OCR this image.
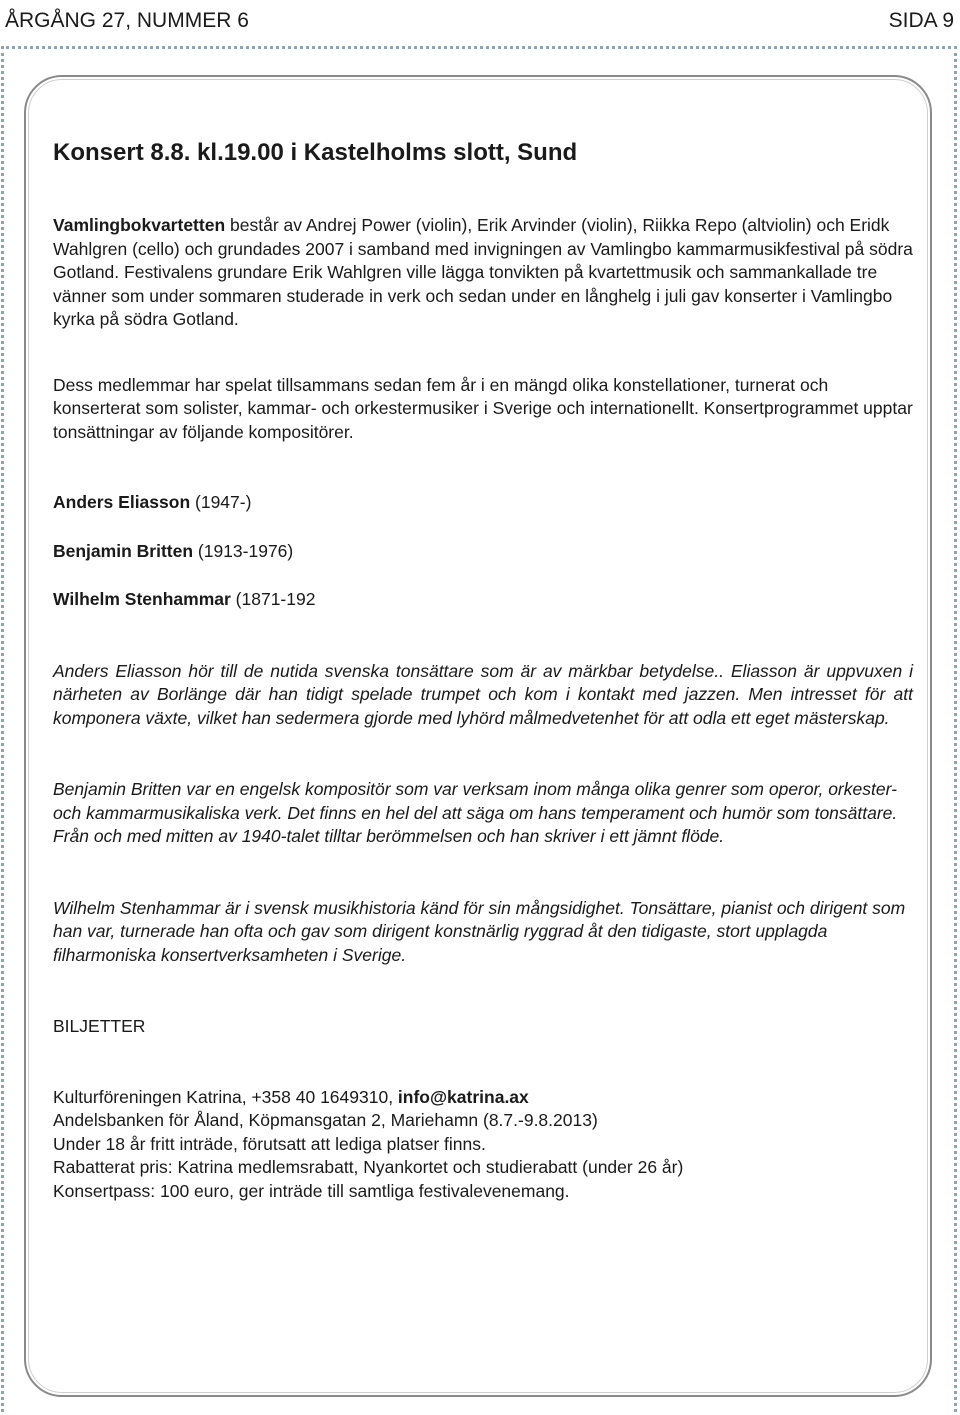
ÅRGÅNG 27, NUMMER 6	SIDA 9
Konsert 8.8. kl.19.00 i Kastelholms slott, Sund

Vamlingbokvartetten består av Andrej Power (violin), Erik Arvinder (violin), Riikka Repo (altviolin) och Eridk Wahlgren (cello) och grundades 2007 i samband med invigningen av Vamlingbo kammarmusikfestival på södra Gotland. Festivalens grundare Erik Wahlgren ville lägga tonvikten på kvartettmusik och sammankallade tre vänner som under sommaren studerade in verk och sedan under en långhelg i juli gav konserter i Vamlingbo kyrka på södra Gotland.

Dess medlemmar har spelat tillsammans sedan fem år i en mängd olika konstellationer, turnerat och konserterat som solister, kammar- och orkestermusiker i Sverige och internationellt. Konsertprogrammet upptar tonsättningar av följande kompositörer.

Anders Eliasson (1947-)

Benjamin Britten (1913-1976)

Wilhelm Stenhammar (1871-192

Anders Eliasson hör till de nutida svenska tonsättare som är av märkbar betydelse.. Eliasson är uppvuxen i närheten av Borlänge där han tidigt spelade trumpet och kom i kontakt med jazzen. Men intresset för att komponera växte, vilket han sedermera gjorde med lyhörd målmedvetenhet för att odla ett eget mästerskap.

Benjamin Britten var en engelsk kompositör som var verksam inom många olika genrer som operor, orkester- och kammarmusikaliska verk. Det finns en hel del att säga om hans temperament och humör som tonsättare. Från och med mitten av 1940-talet tilltar berömmelsen och han skriver i ett jämnt flöde.

Wilhelm Stenhammar är i svensk musikhistoria känd för sin mångsidighet. Tonsättare, pianist och dirigent som han var, turnerade han ofta och gav som dirigent konstnärlig ryggrad åt den tidigaste, stort upplagda filharmoniska konsertverksamheten i Sverige.

BILJETTER

Kulturföreningen Katrina, +358 40 1649310, info@katrina.ax

Andelsbanken för Åland, Köpmansgatan 2, Mariehamn (8.7.-9.8.2013)

Under 18 år fritt inträde, förutsatt att lediga platser finns.

Rabatterat pris: Katrina medlemsrabatt, Nyankortet och studierabatt (under 26 år)

Konsertpass: 100 euro, ger inträde till samtliga festivalevenemang.
